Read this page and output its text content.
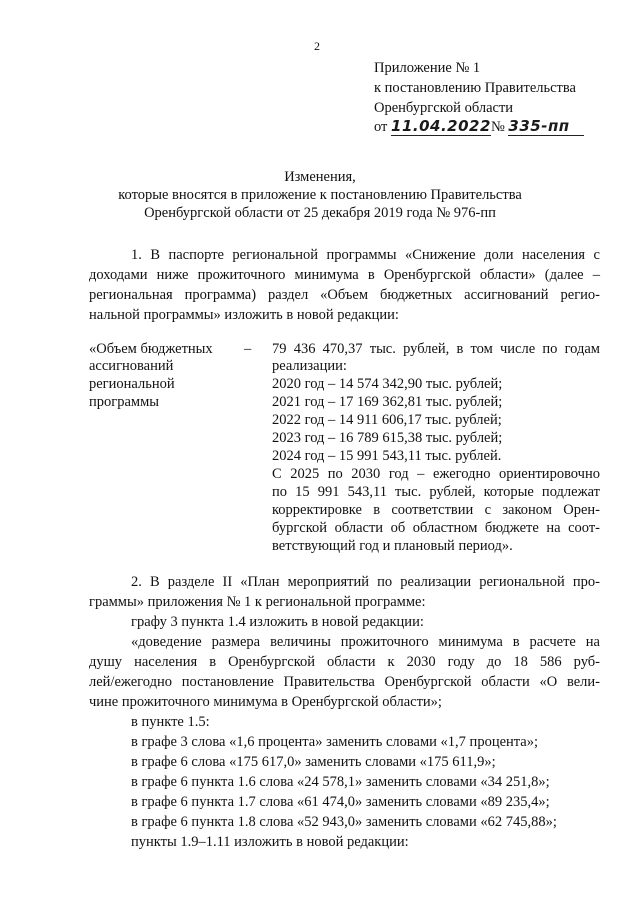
2
Приложение № 1
к постановлению Правительства
Оренбургской области
от 11.04.2022№ 335-пп
Изменения,
которые вносятся в приложение к постановлению Правительства
Оренбургской области от 25 декабря 2019 года № 976-пп
1. В паспорте региональной программы «Снижение доли населения с
доходами ниже прожиточного минимума в Оренбургской области» (далее –
региональная программа) раздел «Объем бюджетных ассигнований регио-
нальной программы» изложить в новой редакции:
«Объем бюджетных
ассигнований
региональной
программы
– 79 436 470,37 тыс. рублей, в том числе по годам
реализации:
2020 год – 14 574 342,90 тыс. рублей;
2021 год – 17 169 362,81 тыс. рублей;
2022 год – 14 911 606,17 тыс. рублей;
2023 год – 16 789 615,38 тыс. рублей;
2024 год – 15 991 543,11 тыс. рублей.
С 2025 по 2030 год – ежегодно ориентировочно
по 15 991 543,11 тыс. рублей, которые подлежат
корректировке в соответствии с законом Орен-
бургской области об областном бюджете на соот-
ветствующий год и плановый период».
2. В разделе II «План мероприятий по реализации региональной про-
граммы» приложения № 1 к региональной программе:
графу 3 пункта 1.4 изложить в новой редакции:
«доведение размера величины прожиточного минимума в расчете на
душу населения в Оренбургской области к 2030 году до 18 586 руб-
лей/ежегодно постановление Правительства Оренбургской области «О вели-
чине прожиточного минимума в Оренбургской области»;
в пункте 1.5:
в графе 3 слова «1,6 процента» заменить словами «1,7 процента»;
в графе 6 слова «175 617,0» заменить словами «175 611,9»;
в графе 6 пункта 1.6 слова «24 578,1» заменить словами «34 251,8»;
в графе 6 пункта 1.7 слова «61 474,0» заменить словами «89 235,4»;
в графе 6 пункта 1.8 слова «52 943,0» заменить словами «62 745,88»;
пункты 1.9–1.11 изложить в новой редакции:
